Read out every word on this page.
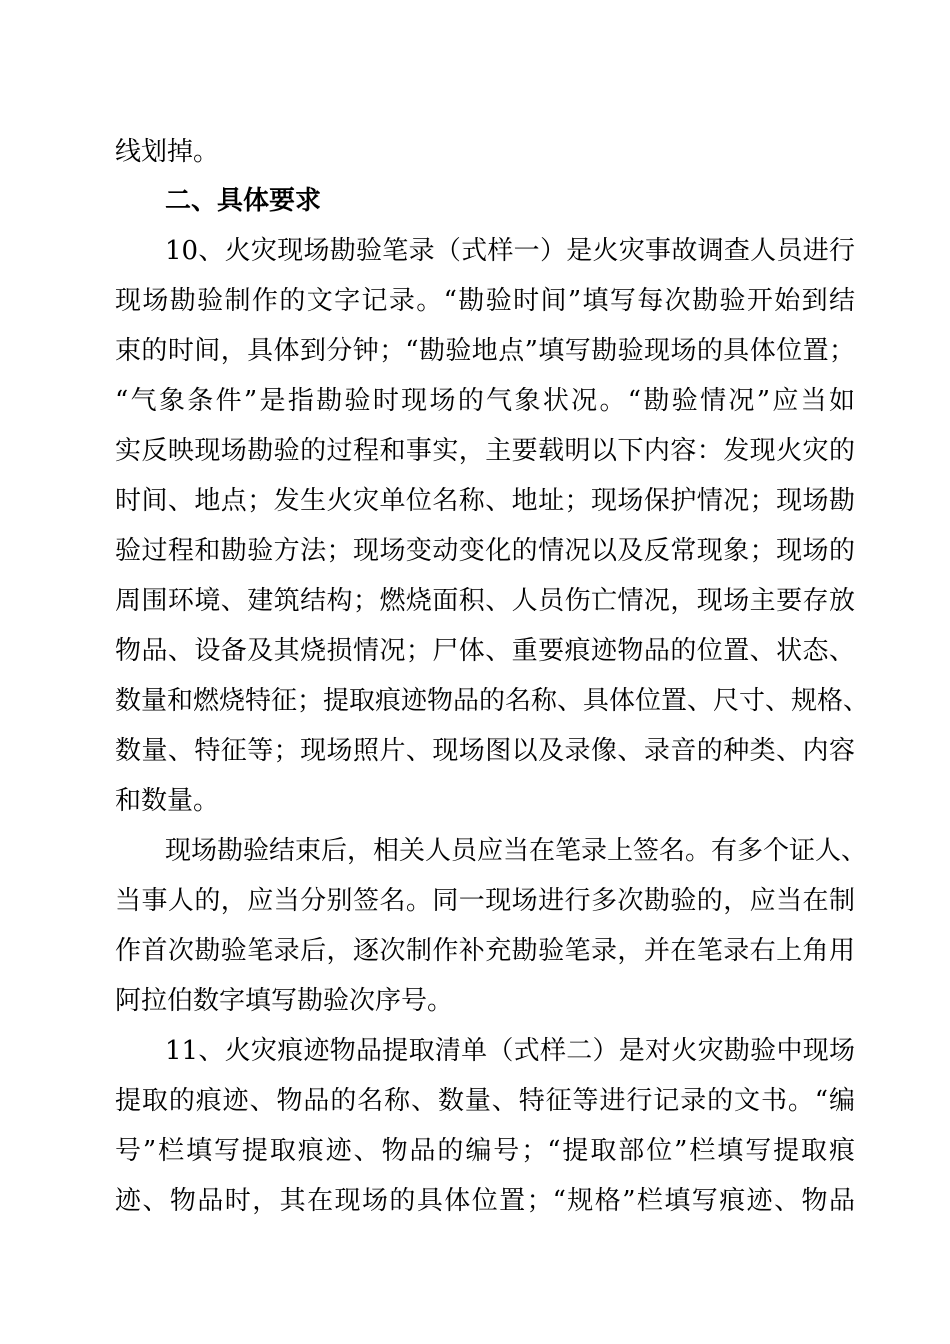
线划掉。
二、具体要求
10、火灾现场勘验笔录（式样一）是火灾事故调查人员进行
现场勘验制作的文字记录。“勘验时间”填写每次勘验开始到结
束的时间，具体到分钟；“勘验地点”填写勘验现场的具体位置；
“气象条件”是指勘验时现场的气象状况。“勘验情况”应当如
实反映现场勘验的过程和事实，主要载明以下内容：发现火灾的
时间、地点；发生火灾单位名称、地址；现场保护情况；现场勘
验过程和勘验方法；现场变动变化的情况以及反常现象；现场的
周围环境、建筑结构；燃烧面积、人员伤亡情况，现场主要存放
物品、设备及其烧损情况；尸体、重要痕迹物品的位置、状态、
数量和燃烧特征；提取痕迹物品的名称、具体位置、尺寸、规格、
数量、特征等；现场照片、现场图以及录像、录音的种类、内容
和数量。
现场勘验结束后，相关人员应当在笔录上签名。有多个证人、
当事人的，应当分别签名。同一现场进行多次勘验的，应当在制
作首次勘验笔录后，逐次制作补充勘验笔录，并在笔录右上角用
阿拉伯数字填写勘验次序号。
11、火灾痕迹物品提取清单（式样二）是对火灾勘验中现场
提取的痕迹、物品的名称、数量、特征等进行记录的文书。“编
号”栏填写提取痕迹、物品的编号；“提取部位”栏填写提取痕
迹、物品时，其在现场的具体位置；“规格”栏填写痕迹、物品
